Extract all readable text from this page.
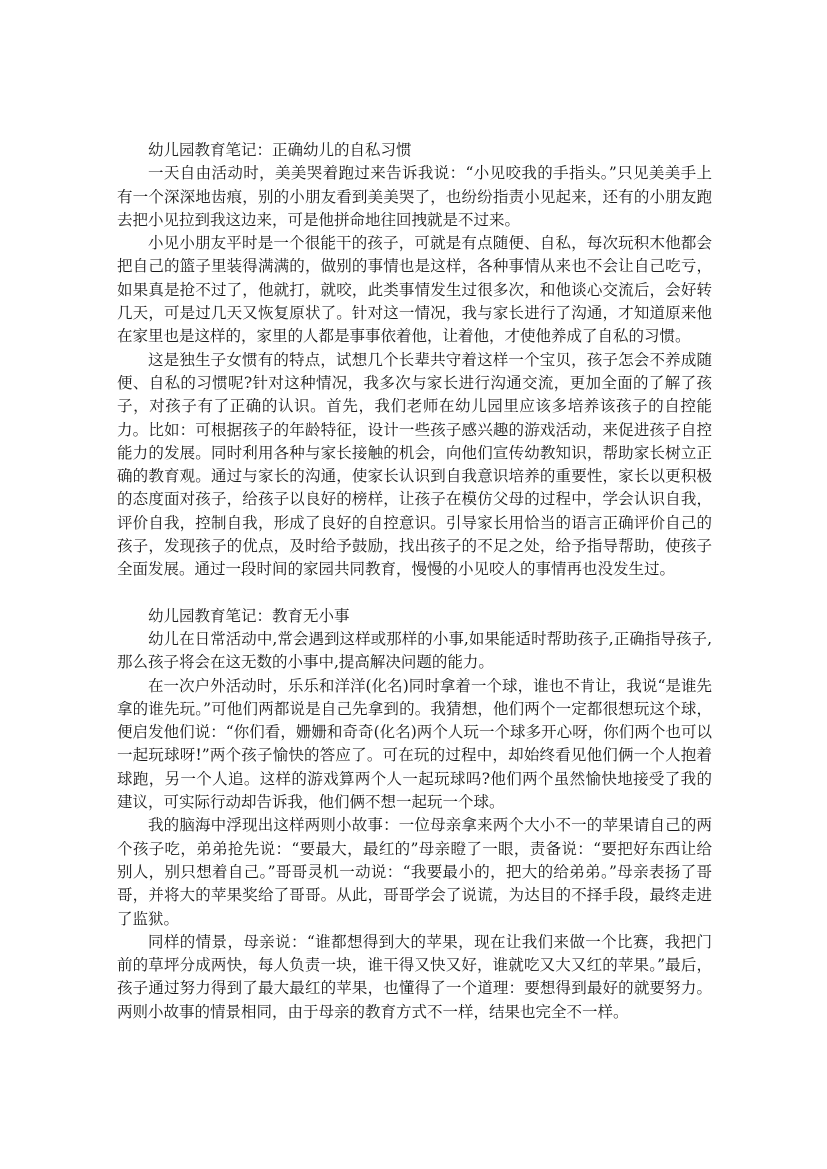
幼儿园教育笔记：正确幼儿的自私习惯

一天自由活动时，美美哭着跑过来告诉我说：“小见咬我的手指头。”只见美美手上有一个深深地齿痕，别的小朋友看到美美哭了，也纷纷指责小见起来，还有的小朋友跑去把小见拉到我这边来，可是他拼命地往回拽就是不过来。

小见小朋友平时是一个很能干的孩子，可就是有点随便、自私，每次玩积木他都会把自己的篮子里装得满满的，做别的事情也是这样，各种事情从来也不会让自己吃亏，如果真是抢不过了，他就打，就咬，此类事情发生过很多次，和他谈心交流后，会好转几天，可是过几天又恢复原状了。针对这一情况，我与家长进行了沟通，才知道原来他在家里也是这样的，家里的人都是事事依着他，让着他，才使他养成了自私的习惯。

这是独生子女惯有的特点，试想几个长辈共守着这样一个宝贝，孩子怎会不养成随便、自私的习惯呢?针对这种情况，我多次与家长进行沟通交流，更加全面的了解了孩子，对孩子有了正确的认识。首先，我们老师在幼儿园里应该多培养该孩子的自控能力。比如：可根据孩子的年龄特征，设计一些孩子感兴趣的游戏活动，来促进孩子自控能力的发展。同时利用各种与家长接触的机会，向他们宣传幼教知识，帮助家长树立正确的教育观。通过与家长的沟通，使家长认识到自我意识培养的重要性，家长以更积极的态度面对孩子，给孩子以良好的榜样，让孩子在模仿父母的过程中，学会认识自我，评价自我，控制自我，形成了良好的自控意识。引导家长用恰当的语言正确评价自己的孩子，发现孩子的优点，及时给予鼓励，找出孩子的不足之处，给予指导帮助，使孩子全面发展。通过一段时间的家园共同教育，慢慢的小见咬人的事情再也没发生过。

幼儿园教育笔记：教育无小事

幼儿在日常活动中,常会遇到这样或那样的小事,如果能适时帮助孩子,正确指导孩子,那么孩子将会在这无数的小事中,提高解决问题的能力。

在一次户外活动时，乐乐和洋洋(化名)同时拿着一个球，谁也不肯让，我说“是谁先拿的谁先玩。”可他们两都说是自己先拿到的。我猜想，他们两个一定都很想玩这个球，便启发他们说：“你们看，姗姗和奇奇(化名)两个人玩一个球多开心呀，你们两个也可以一起玩球呀!”两个孩子愉快的答应了。可在玩的过程中，却始终看见他们俩一个人抱着球跑，另一个人追。这样的游戏算两个人一起玩球吗?他们两个虽然愉快地接受了我的建议，可实际行动却告诉我，他们俩不想一起玩一个球。

我的脑海中浮现出这样两则小故事：一位母亲拿来两个大小不一的苹果请自己的两个孩子吃，弟弟抢先说：“要最大，最红的”母亲瞪了一眼，责备说：“要把好东西让给别人，别只想着自己。”哥哥灵机一动说：“我要最小的，把大的给弟弟。”母亲表扬了哥哥，并将大的苹果奖给了哥哥。从此，哥哥学会了说谎，为达目的不择手段，最终走进了监狱。

同样的情景，母亲说：“谁都想得到大的苹果，现在让我们来做一个比赛，我把门前的草坪分成两快，每人负责一块，谁干得又快又好，谁就吃又大又红的苹果。”最后，孩子通过努力得到了最大最红的苹果，也懂得了一个道理：要想得到最好的就要努力。两则小故事的情景相同，由于母亲的教育方式不一样，结果也完全不一样。
